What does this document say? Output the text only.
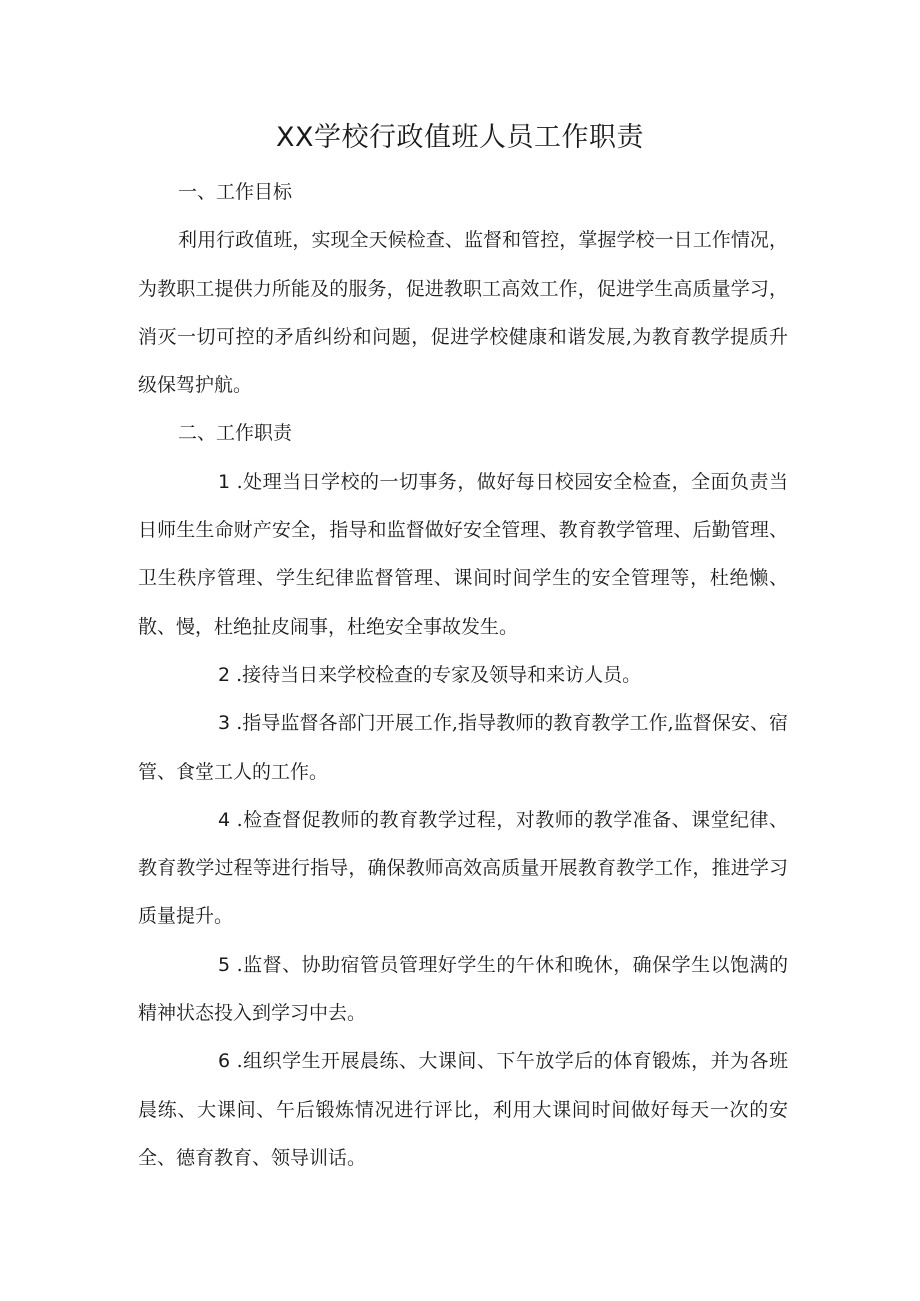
XX学校行政值班人员工作职责

一、工作目标

利用行政值班，实现全天候检查、监督和管控，掌握学校一日工作情况，为教职工提供力所能及的服务，促进教职工高效工作，促进学生高质量学习，消灭一切可控的矛盾纠纷和问题，促进学校健康和谐发展,为教育教学提质升级保驾护航。

二、工作职责

1 .处理当日学校的一切事务，做好每日校园安全检查，全面负责当日师生生命财产安全，指导和监督做好安全管理、教育教学管理、后勤管理、卫生秩序管理、学生纪律监督管理、课间时间学生的安全管理等，杜绝懒、散、慢，杜绝扯皮闹事，杜绝安全事故发生。

2 .接待当日来学校检查的专家及领导和来访人员。

3 .指导监督各部门开展工作,指导教师的教育教学工作,监督保安、宿管、食堂工人的工作。

4 .检查督促教师的教育教学过程，对教师的教学准备、课堂纪律、教育教学过程等进行指导，确保教师高效高质量开展教育教学工作，推进学习质量提升。

5 .监督、协助宿管员管理好学生的午休和晚休，确保学生以饱满的精神状态投入到学习中去。

6 .组织学生开展晨练、大课间、下午放学后的体育锻炼，并为各班晨练、大课间、午后锻炼情况进行评比，利用大课间时间做好每天一次的安全、德育教育、领导训话。
